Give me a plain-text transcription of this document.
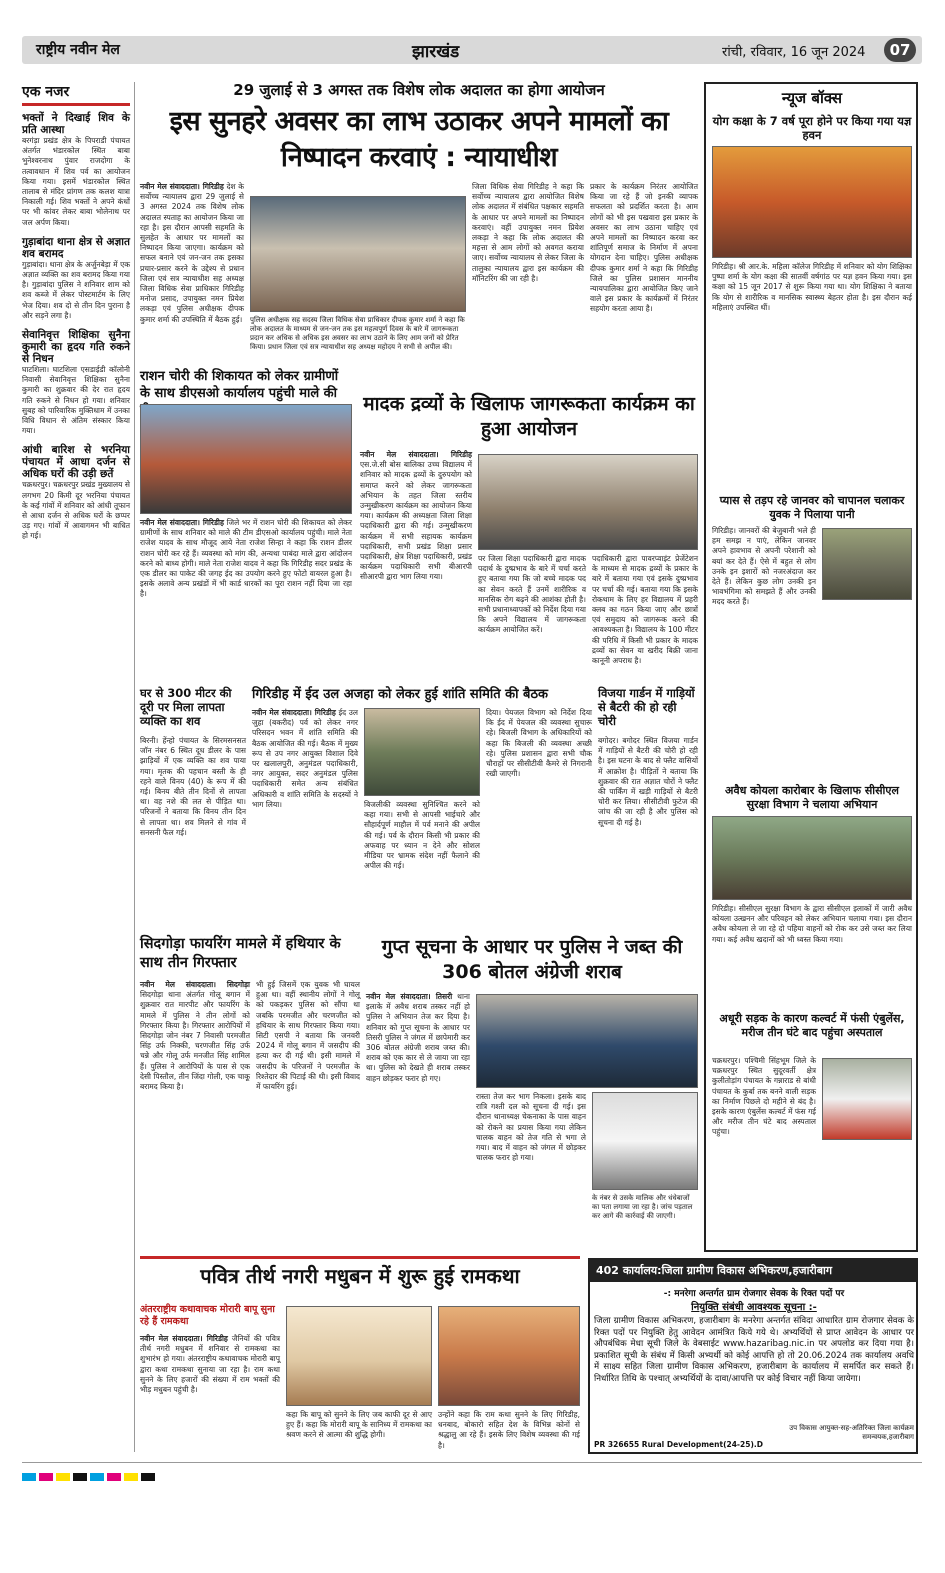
राष्ट्रीय नवीन मेल	झारखंड	रांची, रविवार, 16 जून 2024	07
एक नजर
भक्तों ने दिखाई शिव के प्रति आस्था
बरगंड़ा प्रखंड क्षेत्र के पिपराडी पंचायत अंतर्गत भंडारकोल स्थित बाबा भुनेश्वरनाथ पुंवार राजदोगा के तत्वावधान में शिव पर्व का आयोजन किया गया। इसमें भंडारकोल स्थित तालाब से मंदिर प्रांगण तक कलश यात्रा निकाली गई। शिव भक्तों ने अपने कंधों पर भी कांवर लेकर बाबा भोलेनाथ पर जल अर्पण किया।
गुड़ाबांदा थाना क्षेत्र से अज्ञात शव बरामद
गुड़ाबांदा। थाना क्षेत्र के अर्जुनबेड़ा में एक अज्ञात व्यक्ति का शव बरामद किया गया है। गुड़ाबांदा पुलिस ने शनिवार शाम को शव कब्जे में लेकर पोस्टमार्टम के लिए भेज दिया। शव दो से तीन दिन पुराना है और सड़ने लगा है।
सेवानिवृत्त शिक्षिका सुनैना कुमारी का हृदय गति रुकने से निधन
घाटशिला। घाटशिला एसडाईडी कॉलोनी निवासी सेवानिवृत्त शिक्षिका सुनैना कुमारी का शुक्रवार की देर रात हृदय गति रुकने से निधन हो गया। शनिवार सुबह को पारिवारिक मुक्तिधाम में उनका विधि विधान से अंतिम संस्कार किया गया।
आंधी बारिश से भरनिया पंचायत में आधा दर्जन से अधिक घरों की उड़ी छतें
चक्रधरपुर। चक्रधरपुर प्रखंड मुख्यालय से लगभग 20 किमी दूर भरनिया पंचायत के कई गांवों में शनिवार को आंधी तूफान से आधा दर्जन से अधिक घरों के छप्पर उड़ गए। गांवों में आवागमन भी बाधित हो गई।
29 जुलाई से 3 अगस्त तक विशेष लोक अदालत का होगा आयोजन
इस सुनहरे अवसर का लाभ उठाकर अपने मामलों का निष्पादन करवाएं : न्यायाधीश
नवीन मेल संवाददाता। गिरिडीह देश के सर्वोच्च न्यायालय द्वारा 29 जुलाई से 3 अगस्त 2024 तक विशेष लोक अदालत स्पताह का आयोजन किया जा रहा है। इस दौरान आपसी सहमति के सुलहेत के आधार पर मामलों का निष्पादन किया जाएगा। कार्यक्रम को सफल बनाने एवं जन-जन तक इसका प्रचार-प्रसार करने के उद्देश्य से प्रधान जिला एवं सत्र न्यायाधीश सह अध्यक्ष जिला विधिक सेवा प्राधिकार गिरिडीह मनोज प्रसाद, उपायुक्त नमन प्रियेश लकड़ा एवं पुलिस अधीक्षक दीपक कुमार शर्मा की उपस्थिति में बैठक हुई। पुलिस अधीक्षक सह सदस्य जिला विधिक सेवा प्राधिकार दीपक कुमार शर्मा ने कहा कि लोक अदालत के माध्यम से जन-जन तक इस महत्वपूर्ण दिवस के बारे में जागरूकता प्रदान कर अधिक से अधिक इस अवसर का लाभ उठाने के लिए आम जनों को प्रेरित किया। प्रधान जिला एवं सत्र न्यायाधीश सह अध्यक्ष महोदय ने सभी से अपील की।
जिला विधिक सेवा गिरिडीह ने कहा कि सर्वोच्च न्यायालय द्वारा आयोजित विशेष लोक अदालत में संबंधित पक्षकार सहमति के आधार पर अपने मामलों का निष्पादन करवाएं। वहीं उपायुक्त नमन प्रियेश लकड़ा ने कहा कि लोक अदालत की महत्ता से आम लोगों को अवगत कराया जाए। सर्वोच्च न्यायालय से लेकर जिला के तालुका न्यायालय द्वारा इस कार्यक्रम की मॉनिटरिंग की जा रही है।
प्रकार के कार्यक्रम निरंतर आयोजित किया जा रहे हैं जो इनकी व्यापक सफलता को प्रदर्शित करता है। आम लोगों को भी इस पखवारा इस प्रकार के अवसर का लाभ उठाना चाहिए एवं अपने मामलों का निष्पादन करवा कर शांतिपूर्ण समाज के निर्माण में अपना योगदान देना चाहिए। पुलिस अधीक्षक दीपक कुमार शर्मा ने कहा कि गिरिडीह जिले का पुलिस प्रशासन माननीय न्यायपालिका द्वारा आयोजित किए जाने वाले इस प्रकार के कार्यक्रमों में निरंतर सहयोग करता आया है।
राशन चोरी की शिकायत को लेकर ग्रामीणों के साथ डीएसओ कार्यालय पहुंची माले की
नवीन मेल संवाददाता। गिरिडीह जिले भर में राशन चोरी की शिकायत को लेकर ग्रामीणों के साथ शनिवार को माले की टीम डीएसओ कार्यालय पहुंची। माले नेता राजेश यादव के साथ मौजूद आये नेता राजेश सिन्हा ने कहा कि राशन डीलर राशन चोरी कर रहे हैं। व्यवस्था को मांग की, अन्यथा पाबंदा माले द्वारा आंदोलन करने को बाध्य होगी। माले नेता राजेश यादव ने कहा कि गिरिडीह सदर प्रखंड के एक डीलर का पाकेट की जगह ईद का उपयोग करने हुए फोटो वायरल हुआ है। इसके अलावे अन्य प्रखंडों में भी कार्ड धारकों का पूरा राशन नहीं दिया जा रहा है।
मादक द्रव्यों के खिलाफ जागरूकता कार्यक्रम का हुआ आयोजन
नवीन मेल संवाददाता। गिरिडीह एस.जे.सी बोस बालिका उच्च विद्यालय में शनिवार को मादक द्रव्यों के दुरुपयोग को समाप्त करने को लेकर जागरूकता अभियान के तहत जिला स्तरीय उन्मुखीकरण कार्यक्रम का आयोजन किया गया। कार्यक्रम की अध्यक्षता जिला शिक्षा पदाधिकारी द्वारा की गई। उन्मुखीकरण कार्यक्रम में सभी सहायक कार्यक्रम पदाधिकारी, सभी प्रखंड शिक्षा प्रसार पदाधिकारी, क्षेत्र शिक्षा पदाधिकारी, प्रखंड कार्यक्रम पदाधिकारी सभी बीआरपी सीआरपी द्वारा भाग लिया गया।
पर जिला शिक्षा पदाधिकारी द्वारा मादक पदार्थ के दुष्प्रभाव के बारे में चर्चा करते हुए बताया गया कि जो बच्चे मादक पद का सेवन करते हैं उनमें शारीरिक व मानसिक रोग बढ़ने की आशंका होती है। सभी प्रधानाध्यापकों को निर्देश दिया गया कि अपने विद्यालय में जागरूकता कार्यक्रम आयोजित करें।
पदाधिकारी द्वारा पावरप्वाइंट प्रेजेंटेशन के माध्यम से मादक द्रव्यों के प्रकार के बारे में बताया गया एवं इसके दुष्प्रभाव पर चर्चा की गई। बताया गया कि इसके रोकथाम के लिए हर विद्यालय में प्रहरी क्लब का गठन किया जाए और छात्रों एवं समुदाय को जागरूक करने की आवश्यकता है। विद्यालय के 100 मीटर की परिधि में किसी भी प्रकार के मादक द्रव्यों का सेवन या खरीद बिक्री जाना कानूनी अपराध है।
घर से 300 मीटर की दूरी पर मिला लापता व्यक्ति का शव
बिरनी। हेंन्हो पंचायत के सिरमसनसत जॉन नंबर 6 स्थित दूध डीलर के पास झाड़ियों में एक व्यक्ति का शव पाया गया। मृतक की पहचान बस्ती के ही रहने वाले विनय (40) के रूप में की गई। बिनय बीते तीन दिनों से लापता था। वह नशे की लत से पीड़ित था। परिजनों ने बताया कि विनय तीन दिन से लापता था। शव मिलने से गांव में सनसनी फैल गई।
गिरिडीह में ईद उल अजहा को लेकर हुई शांति समिति की बैठक
नवीन मेल संवाददाता। गिरिडीह ईद उल जुहा (बकरीद) पर्व को लेकर नगर परिसदन भवन में शांति समिति की बैठक आयोजित की गई। बैठक में मुख्य रूप से उप नगर आयुक्त विशाल दिवे पर खलालपुरी, अनुमंडल पदाधिकारी, नगर आयुक्त, सदर अनुमंडल पुलिस पदाधिकारी समेत अन्य संबंधित अधिकारी व शांति समिति के सदस्यों ने भाग लिया।	बिजलीकी व्यवस्था सुनिश्चित करने को कहा गया। सभी से आपसी भाईचारे और सौहार्दपूर्ण माहौल में पर्व मनाने की अपील की गई। पर्व के दौरान किसी भी प्रकार की अफवाह पर ध्यान न देने और सोशल मीडिया पर भ्रामक संदेश नहीं फैलाने की अपील की गई।
दिया। पेयजल विभाग को निर्देश दिया कि ईद में पेयजल की व्यवस्था सुचारू रहे। बिजली विभाग के अधिकारियों को कहा कि बिजली की व्यवस्था अच्छी रहे। पुलिस प्रशासन द्वारा सभी चौक चौराहों पर सीसीटीवी कैमरे से निगरानी रखी जाएगी।
विजया गार्डन में गाड़ियों से बैटरी की हो रही चोरी
बगोदर। बगोदर स्थित विजया गार्डन में गाड़ियों से बैटरी की चोरी हो रही है। इस घटना के बाद से फ्लैट वासियों में आक्रोश है। पीड़ितों ने बताया कि शुक्रवार की रात अज्ञात चोरों ने फ्लैट की पार्किंग में खड़ी गाड़ियों से बैटरी चोरी कर लिया। सीसीटीवी फुटेज की जांच की जा रही है और पुलिस को सूचना दी गई है।
सिदगोड़ा फायरिंग मामले में हथियार के साथ तीन गिरफ्तार
नवीन मेल संवाददाता। सिदगोड़ा सिदगोड़ा थाना अंतर्गत गोलू बगान में शुक्रवार रात मारपीट और फायरिंग के मामले में पुलिस ने तीन लोगों को गिरफ्तार किया है। गिरफ्तार आरोपियों में सिदगोड़ा जोन नंबर 7 निवासी परमजीत सिंह उर्फ निक्की, चरणजीत सिंह उर्फ चन्ने और गोलू उर्फ मनजीत सिंह शामिल हैं। पुलिस ने आरोपियों के पास से एक देसी पिस्तौल, तीन जिंदा गोली, एक चाकू बरामद किया है।
भी हुई जिसमें एक युवक भी घायल हुआ था। वहीं स्थानीय लोगों ने गोलू को पकड़कर पुलिस को सौंपा था जबकि परमजीत और चरणजीत को हथियार के साथ गिरफ्तार किया गया। सिटी एसपी ने बताया कि जनवरी 2024 में गोलू बगान में जसदीप की हत्या कर दी गई थी। इसी मामले में जसदीप के परिजनों ने परमजीत के रिश्तेदार की पिटाई की थी। इसी विवाद में फायरिंग हुई।
गुप्त सूचना के आधार पर पुलिस ने जब्त की 306 बोतल अंग्रेजी शराब
नवीन मेल संवाददाता। तिसरी थाना इलाके में अवैध शराब तस्कर नहीं हो पुलिस ने अभियान तेज कर दिया है। शनिवार को गुप्त सूचना के आधार पर तिसरी पुलिस ने जंगल में छापेमारी कर 306 बोतल अंग्रेजी शराब जब्त की। शराब को एक कार से ले जाया जा रहा था। पुलिस को देखते ही शराब तस्कर वाहन छोड़कर फरार हो गए।
रास्ता तेज कर भाग निकला। इसके बाद रात्रि गश्ती दल को सूचना दी गई। इस दौरान थानाध्यक्ष चेकनाका के पास वाहन को रोकने का प्रयास किया गया लेकिन चालक वाहन को तेज गति से भगा ले गया। बाद में वाहन को जंगल में छोड़कर चालक फरार हो गया।
के नंबर से उसके मालिक और धंधेबाजों का पता लगाया जा रहा है। जांच पड़ताल कर आगे की कार्रवाई की जाएगी।
न्यूज बॉक्स
योग कक्षा के 7 वर्ष पूरा होने पर किया गया यज्ञ हवन
गिरिडीह। श्री आर.के. महिला कॉलेज गिरिडीह में शनिवार को योग शिक्षिका पुष्पा शर्मा के योग कक्षा की सातवीं वर्षगांठ पर यज्ञ हवन किया गया। इस कक्षा को 15 जून 2017 से शुरू किया गया था। योग शिक्षिका ने बताया कि योग से शारीरिक व मानसिक स्वास्थ्य बेहतर होता है। इस दौरान कई महिलाएं उपस्थित थीं।
प्यास से तड़प रहे जानवर को चापानल चलाकर युवक ने पिलाया पानी
गिरिडीह। जानवरों की बेजुबानी भले ही हम समझ न पाएं, लेकिन जानवर अपने हावभाव से अपनी परेशानी को बयां कर देते हैं। ऐसे में बहुत से लोग उनके इन इशारों को नजरअंदाज कर देते हैं। लेकिन कुछ लोग उनकी इन भावभंगिमा को समझते हैं और उनकी मदद करते हैं।
अवैध कोयला कारोबार के खिलाफ सीसीएल सुरक्षा विभाग ने चलाया अभियान
गिरिडीह। सीसीएल सुरक्षा विभाग के द्वारा सीसीएल इलाकों में जारी अवैध कोयला उत्खनन और परिवहन को लेकर अभियान चलाया गया। इस दौरान अवैध कोयला ले जा रहे दो पहिया वाहनों को रोक कर उसे जब्त कर लिया गया। कई अवैध खदानों को भी ध्वस्त किया गया।
अधूरी सड़क के कारण कल्वर्ट में फंसी एंबुलेंस, मरीज तीन घंटे बाद पहुंचा अस्पताल
चक्रधरपुर। पश्चिमी सिंहभूम जिले के चक्रधरपुर स्थित सुदूरवर्ती क्षेत्र कुलीतोड़ांग पंचायत के गन्नाराड से बांधी पंचायत के कुर्बा तक बनने वाली सड़क का निर्माण पिछले दो महीने से बंद है। इसके कारण एंबुलेंस कल्वर्ट में फंस गई और मरीज तीन घंटे बाद अस्पताल पहुंचा।
पवित्र तीर्थ नगरी मधुबन में शुरू हुई रामकथा
अंतरराष्ट्रीय कथावाचक मोरारी बापू सुना रहे हैं रामकथा
नवीन मेल संवाददाता। गिरिडीह जैनियों की पवित्र तीर्थ नगरी मधुबन में शनिवार से रामकथा का शुभारंभ हो गया। अंतरराष्ट्रीय कथावाचक मोरारी बापू द्वारा कथा रामकथा सुनाया जा रहा है। राम कथा सुनने के लिए हजारों की संख्या में राम भक्तों की भीड़ मधुबन पहुंची है।
कहा कि बापू को सुनने के लिए जब काफी दूर से आए हुए हैं। कहा कि मोरारी बापू के सानिध्य में रामकथा का श्रवण करने से आत्मा की शुद्धि होगी।
उन्होंने कहा कि राम कथा सुनने के लिए गिरिडीह, धनबाद, बोकारो सहित देश के विभिन्न कोनों से श्रद्धालु आ रहे हैं। इसके लिए विशेष व्यवस्था की गई है।
402 कार्यालय:जिला ग्रामीण विकास अभिकरण,हजारीबाग
-: मनरेगा अन्तर्गत ग्राम रोजगार सेवक के रिक्त पदों पर
नियुक्ति संबंधी आवश्यक सूचना :-
जिला ग्रामीण विकास अभिकरण, हजारीबाग के मनरेगा अन्तर्गत संविदा आधारित ग्राम रोजगार सेवक के रिक्त पदों पर नियुक्ति हेतु आवेदन आमंत्रित किये गये थे। अभ्यर्थियों से प्राप्त आवेदन के आधार पर औपबंधिक मेधा सूची जिले के वेबसाईट www.hazaribag.nic.in पर अपलोड कर दिया गया है। प्रकाशित सूची के संबंध में किसी अभ्यर्थी को कोई आपत्ति हो तो 20.06.2024 तक कार्यालय अवधि में साक्ष्य सहित जिला ग्रामीण विकास अभिकरण, हजारीबाग के कार्यालय में समर्पित कर सकते हैं। निर्धारित तिथि के पश्चात् अभ्यर्थियों के दावा/आपत्ति पर कोई विचार नहीं किया जायेगा।
उप विकास आयुक्त-सह-अतिरिक्त जिला कार्यक्रम समन्वयक,हजारीबाग
PR 326655 Rural Development(24-25).D
